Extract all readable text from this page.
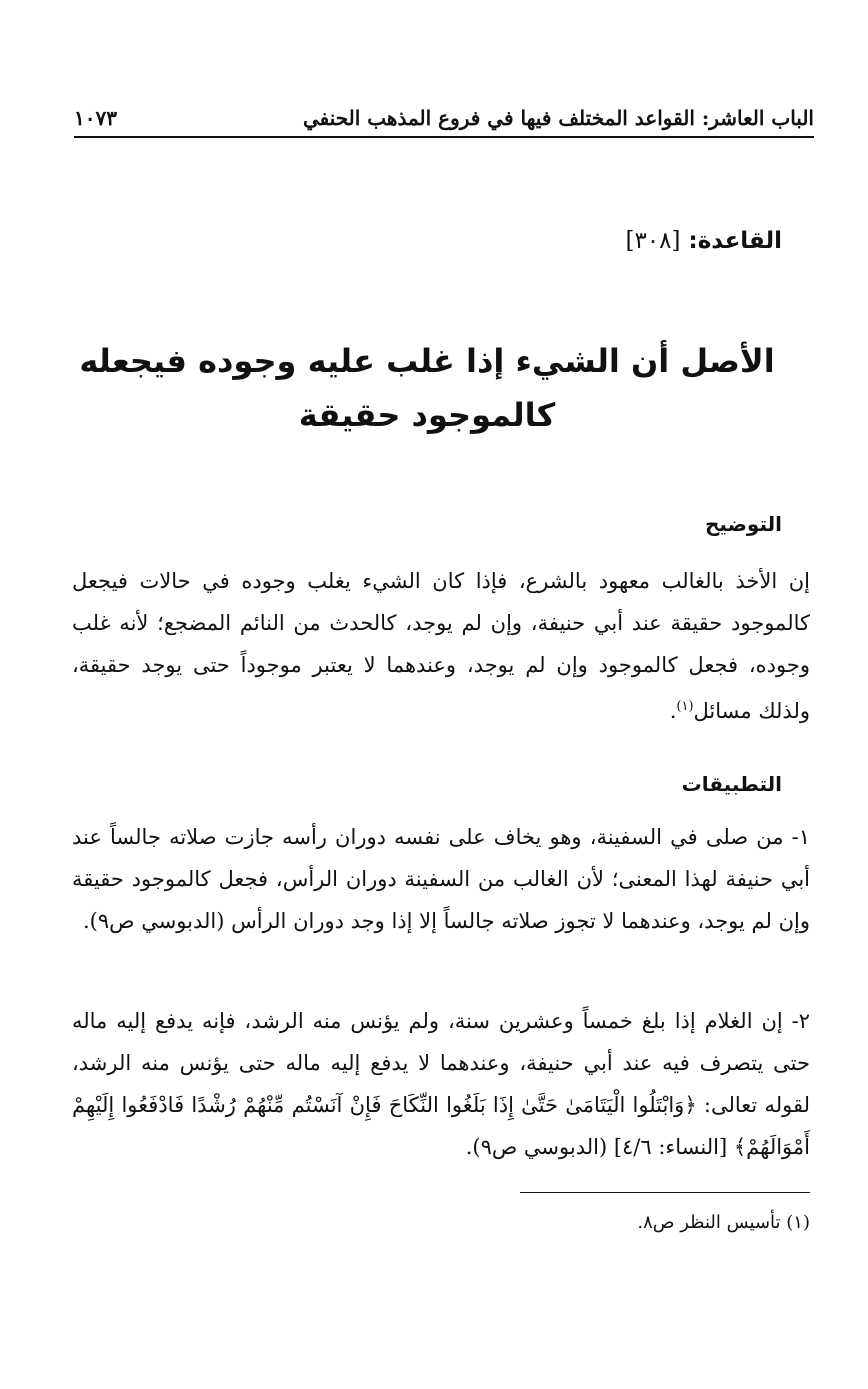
الباب العاشر: القواعد المختلف فيها في فروع المذهب الحنفي
١٠٧٣
القاعدة:
[٣٠٨]
الأصل أن الشيء إذا غلب عليه وجوده فيجعله كالموجود حقيقة
التوضيح
إن الأخذ بالغالب معهود بالشرع، فإذا كان الشيء يغلب وجوده في حالات فيجعل كالموجود حقيقة عند أبي حنيفة، وإن لم يوجد، كالحدث من النائم المضجع؛ لأنه غلب وجوده، فجعل كالموجود وإن لم يوجد، وعندهما لا يعتبر موجوداً حتى يوجد حقيقة، ولذلك مسائل$^{(١)}$.
التطبيقات
١- من صلى في السفينة، وهو يخاف على نفسه دوران رأسه جازت صلاته جالساً عند أبي حنيفة لهذا المعنى؛ لأن الغالب من السفينة دوران الرأس، فجعل كالموجود حقيقة وإن لم يوجد، وعندهما لا تجوز صلاته جالساً إلا إذا وجد دوران الرأس (الدبوسي ص٩).
٢- إن الغلام إذا بلغ خمساً وعشرين سنة، ولم يؤنس منه الرشد، فإنه يدفع إليه ماله حتى يتصرف فيه عند أبي حنيفة، وعندهما لا يدفع إليه ماله حتى يؤنس منه الرشد، لقوله تعالى: ﴿وَابْتَلُوا الْيَتَامَىٰ حَتَّىٰ إِذَا بَلَغُوا النِّكَاحَ فَإِنْ آنَسْتُم مِّنْهُمْ رُشْدًا فَادْفَعُوا إِلَيْهِمْ أَمْوَالَهُمْ﴾ [النساء: ٤/٦] (الدبوسي ص٩).
(١) تأسيس النظر ص٨.
